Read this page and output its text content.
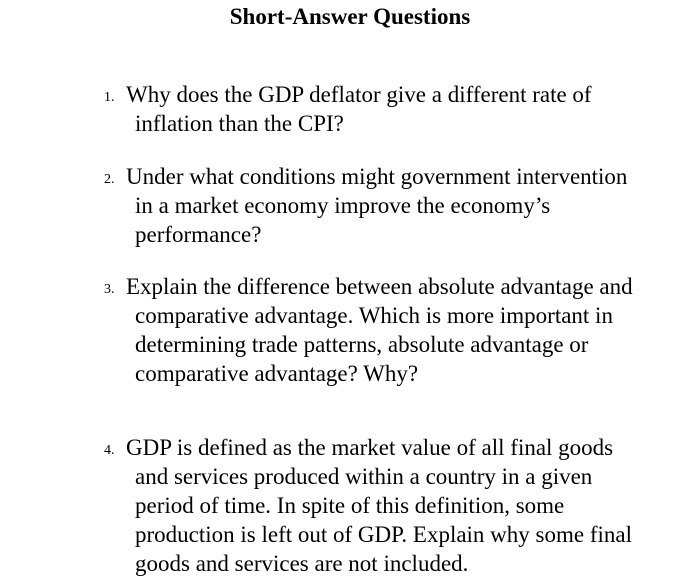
Short-Answer Questions
1. Why does the GDP deflator give a different rate of inflation than the CPI?
2. Under what conditions might government intervention in a market economy improve the economy’s performance?
3. Explain the difference between absolute advantage and comparative advantage. Which is more important in determining trade patterns, absolute advantage or comparative advantage? Why?
4. GDP is defined as the market value of all final goods and services produced within a country in a given period of time. In spite of this definition, some production is left out of GDP. Explain why some final goods and services are not included.
